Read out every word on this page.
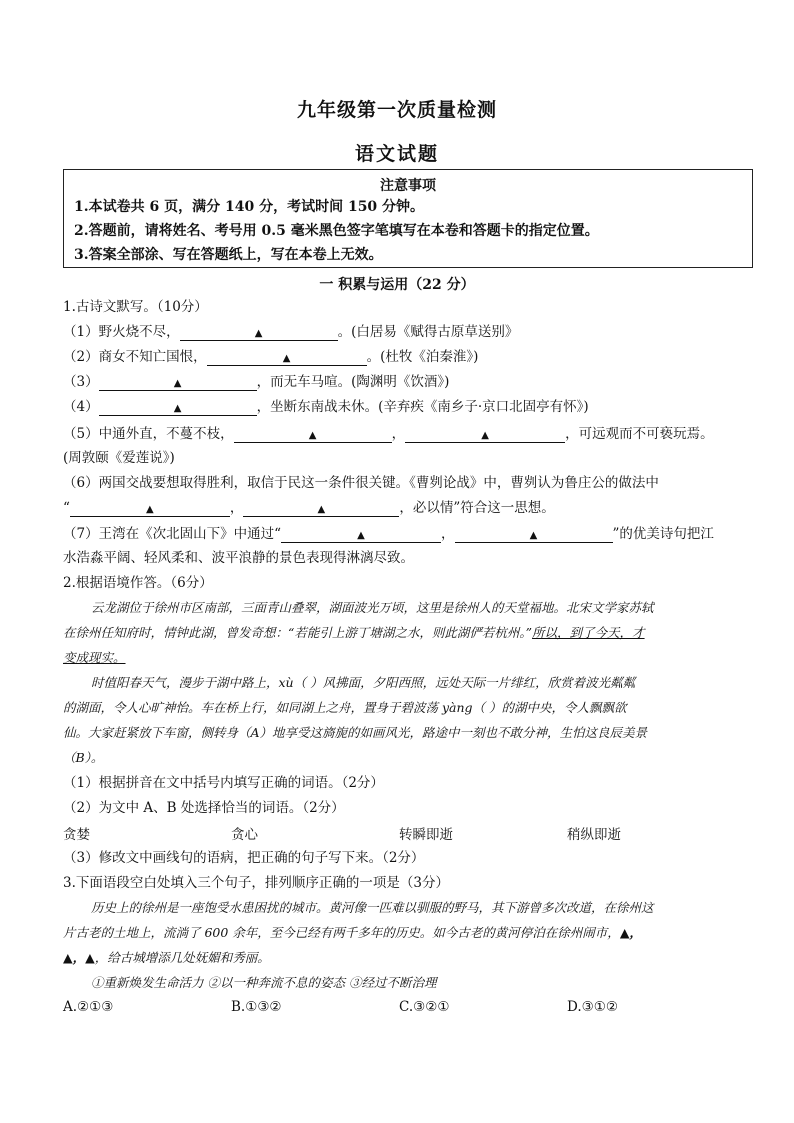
九年级第一次质量检测
语文试题
注意事项
1.本试卷共 6 页，满分 140 分，考试时间 150 分钟。
2.答题前，请将姓名、考号用 0.5 毫米黑色签字笔填写在本卷和答题卡的指定位置。
3.答案全部涂、写在答题纸上，写在本卷上无效。
一 积累与运用（22 分）
1.古诗文默写。（10分）
（1）野火烧不尽，	▲	。(白居易《赋得古原草送别》
（2）商女不知亡国恨，	▲	。(杜牧《泊秦淮》)
（3）	▲	，而无车马喧。(陶渊明《饮酒》)
（4）	▲	，坐断东南战未休。(辛弃疾《南乡子·京口北固亭有怀》)
（5）中通外直，不蔓不枝，	▲	，	▲	，可远观而不可亵玩焉。
(周敦颐《爱莲说》)
（6）两国交战要想取得胜利，取信于民这一条件很关键。《曹刿论战》中，曹刿认为鲁庄公的做法中
“	▲	，	▲	，必以情”符合这一思想。
（7）王湾在《次北固山下》中通过“	▲	，	▲	”的优美诗句把江
水浩淼平阔、轻风柔和、波平浪静的景色表现得淋漓尽致。
2.根据语境作答。（6分）
云龙湖位于徐州市区南部，三面青山叠翠，湖面波光万顷，这里是徐州人的天堂福地。北宋文学家苏轼
在徐州任知府时，情钟此湖，曾发奇想：“若能引上游丁塘湖之水，则此湖俨若杭州。”所以，到了今天，才
变成现实。
时值阳春天气，漫步于湖中路上，xù（ ）风拂面，夕阳西照，远处天际一片绯红，欣赏着波光粼粼
的湖面，令人心旷神怡。车在桥上行，如同湖上之舟，置身于碧波荡 yàng（ ）的湖中央，令人飘飘欲
仙。大家赶紧放下车窗，侧转身（A）地享受这旖旎的如画风光，路途中一刻也不敢分神，生怕这良辰美景
（B）。
（1）根据拼音在文中括号内填写正确的词语。（2分）
（2）为文中 A、B 处选择恰当的词语。（2分）
贪婪	贪心	转瞬即逝	稍纵即逝
（3）修改文中画线句的语病，把正确的句子写下来。（2分）
3.下面语段空白处填入三个句子，排列顺序正确的一项是（3分）
历史上的徐州是一座饱受水患困扰的城市。黄河像一匹难以驯服的野马，其下游曾多次改道，在徐州这
片古老的土地上，流淌了 600 余年，至今已经有两千多年的历史。如今古老的黄河停泊在徐州闹市，▲，
▲，▲，给古城增添几处妩媚和秀丽。
①重新焕发生命活力 ②以一种奔流不息的姿态 ③经过不断治理
A.②①③	B.①③②	C.③②①	D.③①②
